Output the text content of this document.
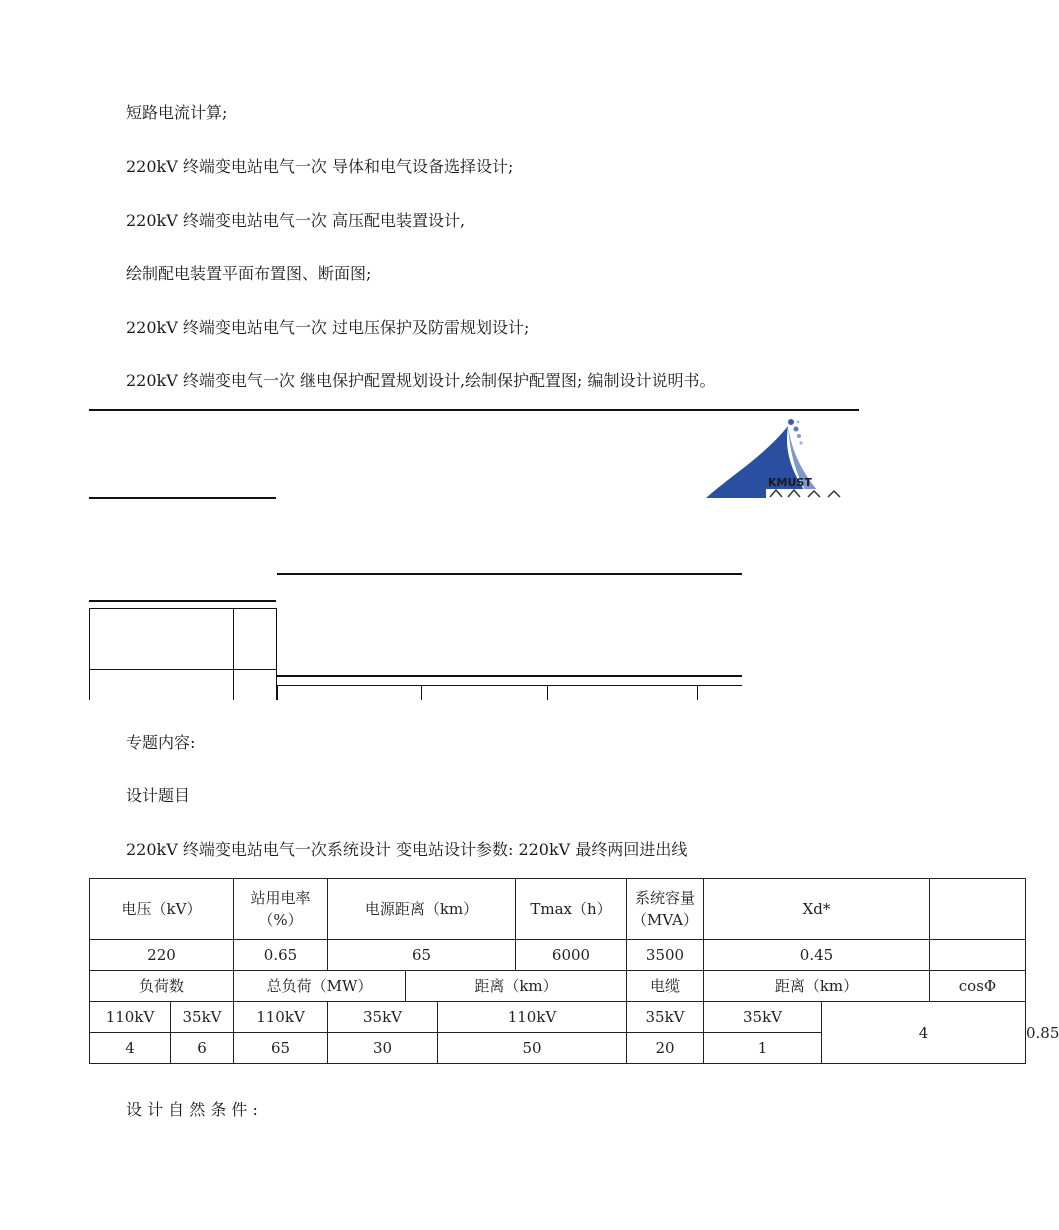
短路电流计算;
220kV 终端变电站电气一次 导体和电气设备选择设计;
220kV 终端变电站电气一次 高压配电装置设计,
绘制配电装置平面布置图、断面图;
220kV 终端变电站电气一次 过电压保护及防雷规划设计;
220kV 终端变电气一次 继电保护配置规划设计,绘制保护配置图; 编制设计说明书。
KMUST
专题内容:
设计题目
220kV 终端变电站电气一次系统设计 变电站设计参数: 220kV 最终两回进出线
电压（kV）		站用电率（%）	电源距离（km）			Tmax（h）	系统容量（MVA）	Xd*			
220		0.65	65			6000	3500	0.45			
负荷数		总负荷（MW）		距离（km）			电缆	距离（km）		cosΦ	
110kV	35kV	110kV	35kV		110kV		35kV	35kV	4		0.85
4	6	65	30		50		20	1			
设 计 自 然 条 件 :
